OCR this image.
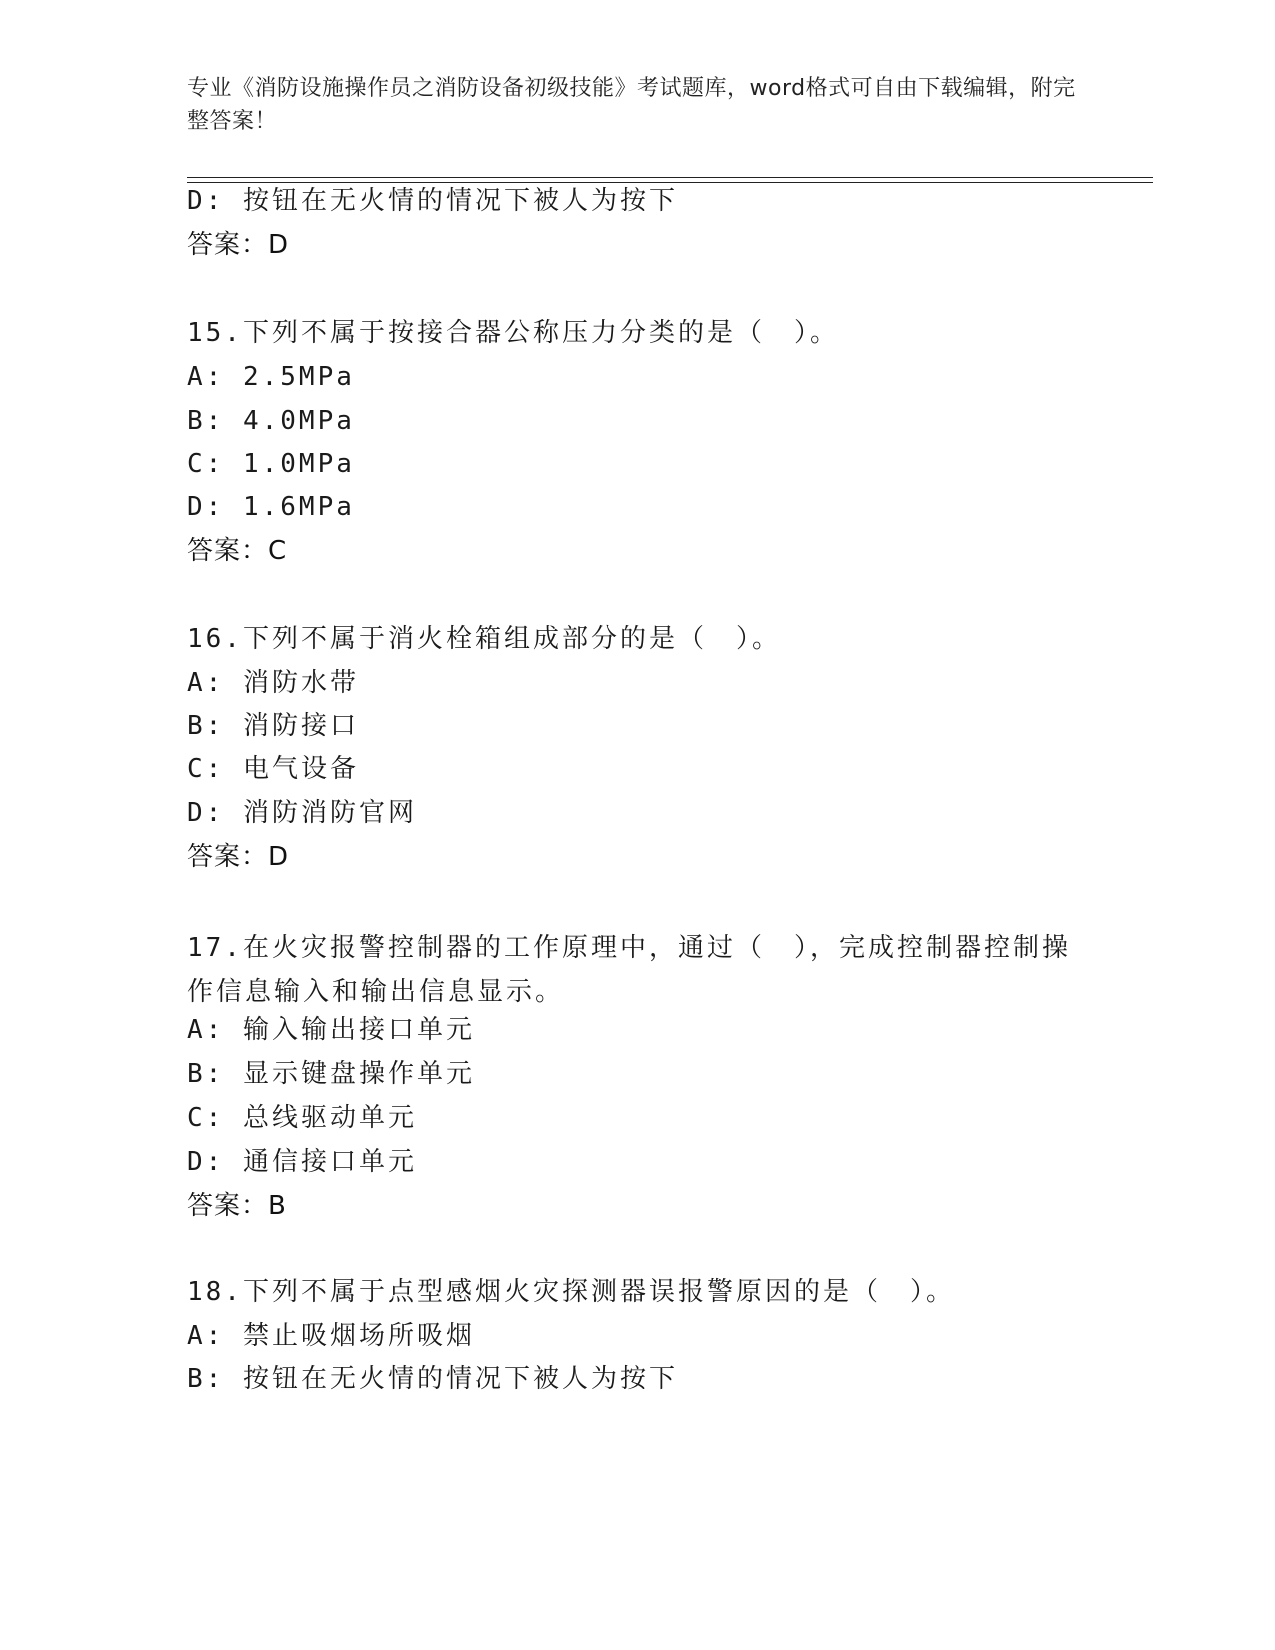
专业《消防设施操作员之消防设备初级技能》考试题库，word格式可自由下载编辑，附完整答案！
D: 按钮在无火情的情况下被人为按下
答案：D
15.下列不属于按接合器公称压力分类的是（　）。
A: 2.5MPa
B: 4.0MPa
C: 1.0MPa
D: 1.6MPa
答案：C
16.下列不属于消火栓箱组成部分的是（　）。
A: 消防水带
B: 消防接口
C: 电气设备
D: 消防消防官网
答案：D
17.在火灾报警控制器的工作原理中，通过（　），完成控制器控制操作信息输入和输出信息显示。
A: 输入输出接口单元
B: 显示键盘操作单元
C: 总线驱动单元
D: 通信接口单元
答案：B
18.下列不属于点型感烟火灾探测器误报警原因的是（　）。
A: 禁止吸烟场所吸烟
B: 按钮在无火情的情况下被人为按下
